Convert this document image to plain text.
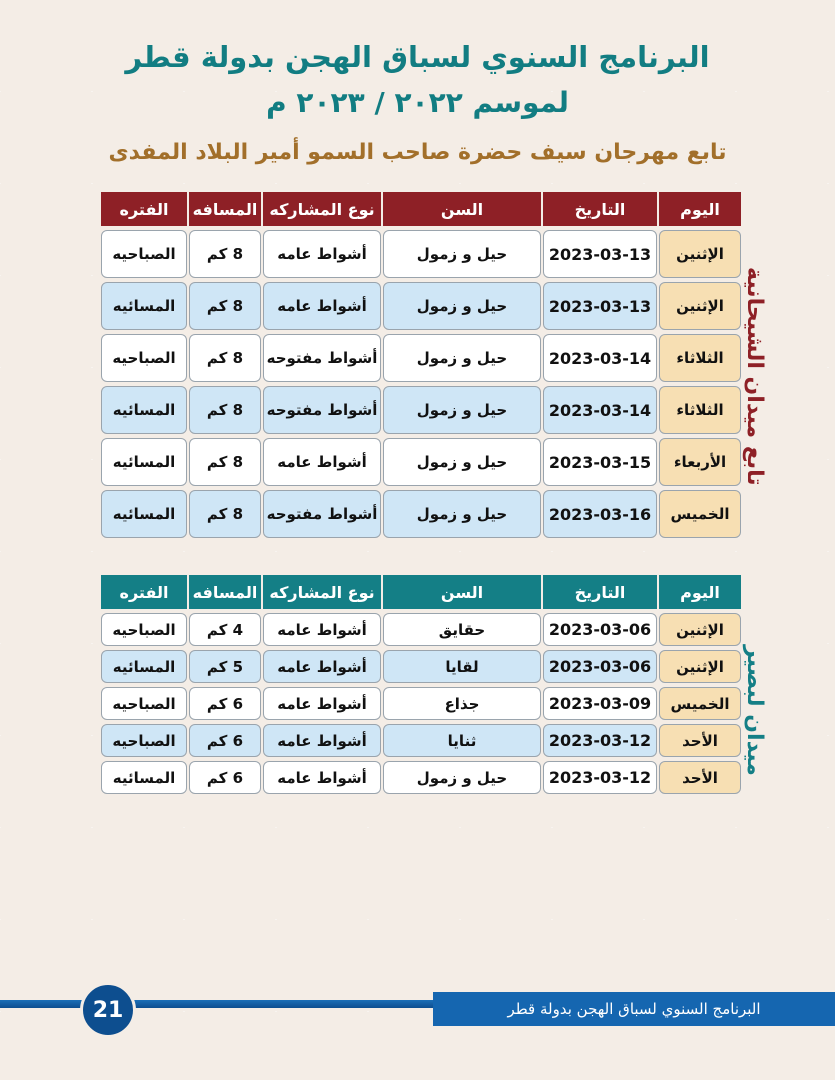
البرنامج السنوي لسباق الهجن بدولة قطر
لموسم ٢٠٢٢ / ٢٠٢٣ م
تابع مهرجان سيف حضرة صاحب السمو أمير البلاد المفدى
اليوم
التاريخ
السن
نوع المشاركه
المسافه
الفتره
الإثنين
2023-03-13
حيل و زمول
أشواط عامه
8 كم
الصباحيه
الإثنين
2023-03-13
حيل و زمول
أشواط عامه
8 كم
المسائيه
الثلاثاء
2023-03-14
حيل و زمول
أشواط مفتوحه
8 كم
الصباحيه
الثلاثاء
2023-03-14
حيل و زمول
أشواط مفتوحه
8 كم
المسائيه
الأربعاء
2023-03-15
حيل و زمول
أشواط عامه
8 كم
المسائيه
الخميس
2023-03-16
حيل و زمول
أشواط مفتوحه
8 كم
المسائيه
تابع ميدان الشيحانية
اليوم
التاريخ
السن
نوع المشاركه
المسافه
الفتره
الإثنين
2023-03-06
حقايق
أشواط عامه
4 كم
الصباحيه
الإثنين
2023-03-06
لقايا
أشواط عامه
5 كم
المسائيه
الخميس
2023-03-09
جذاع
أشواط عامه
6 كم
الصباحيه
الأحد
2023-03-12
ثنايا
أشواط عامه
6 كم
الصباحيه
الأحد
2023-03-12
حيل و زمول
أشواط عامه
6 كم
المسائيه
ميدان لبصير
البرنامج السنوي لسباق الهجن بدولة قطر
21
